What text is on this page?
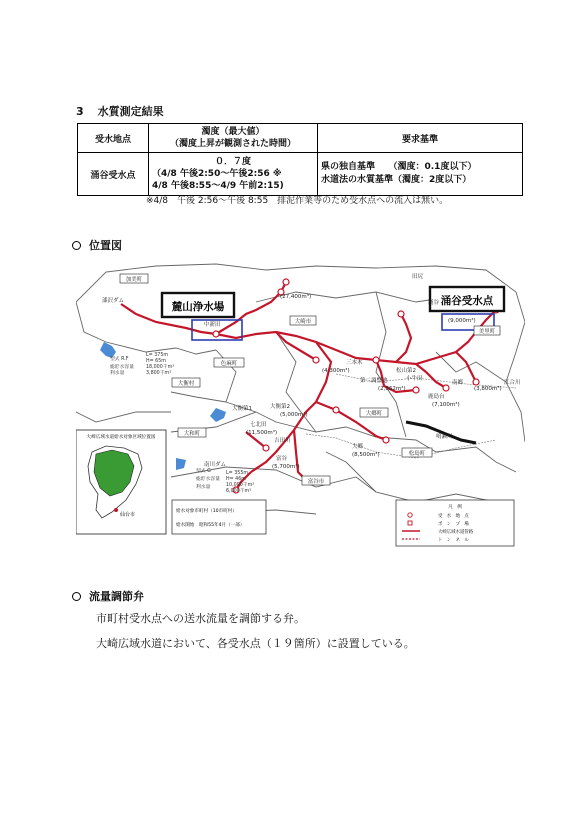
3 水質測定結果
受水地点	濁度（最大値）
（濁度上昇が観測された時間）	要求基準
涌谷受水点	０．７度
（4/8 午後2:50～午後2:56 ※
4/8 午後8:55～4/9 午前2:15)	県の独自基準　　（濁度：0.1度以下）
水道法の水質基準（濁度：2度以下）
※4/8　午後 2:56～午後 8:55　排泥作業等のため受水点への流入は無い。
位置図
麓山浄水場	涌谷受水点
加美町
漆沢ダム
中新田
色麻町
大崎市
美里町
田尻
涌谷
松山第2
第二調整池
三本木
南郷
小牛田
鹿島台
大衡村
大和町
大郷町
松島町
富谷市
吉田川
鳴瀬川
江合川
南川ダム
大衡第1	大衡第2
富谷
大郷
七北田
(27,400m³)
(4,300m³)
(3,800m³)
(7,100m³)
(2,862m³)
(11,500m³)
(5,700m³)
(8,500m³)
(5,000m³)
(9,000m³)
型式 R.F
L= 375m
H= 65m
総貯水容量	18,000千m³
利水量	3,800千m³
型式 G	L= 355m
H= 46m
総貯水容量
10,000千m³
利水量
6,000千m³
大崎広域水道給水対象区域位置図
仙台市
給水対象市町村（10市町村）
給水開始　昭和55年4月（一部）
凡　例
受　水　地　点
ポ　ン　プ　場
大崎広域水道管路
ト　ン　ネ　ル
流量調節弁
市町村受水点への送水流量を調節する弁。
大崎広域水道において、各受水点（１９箇所）に設置している。
